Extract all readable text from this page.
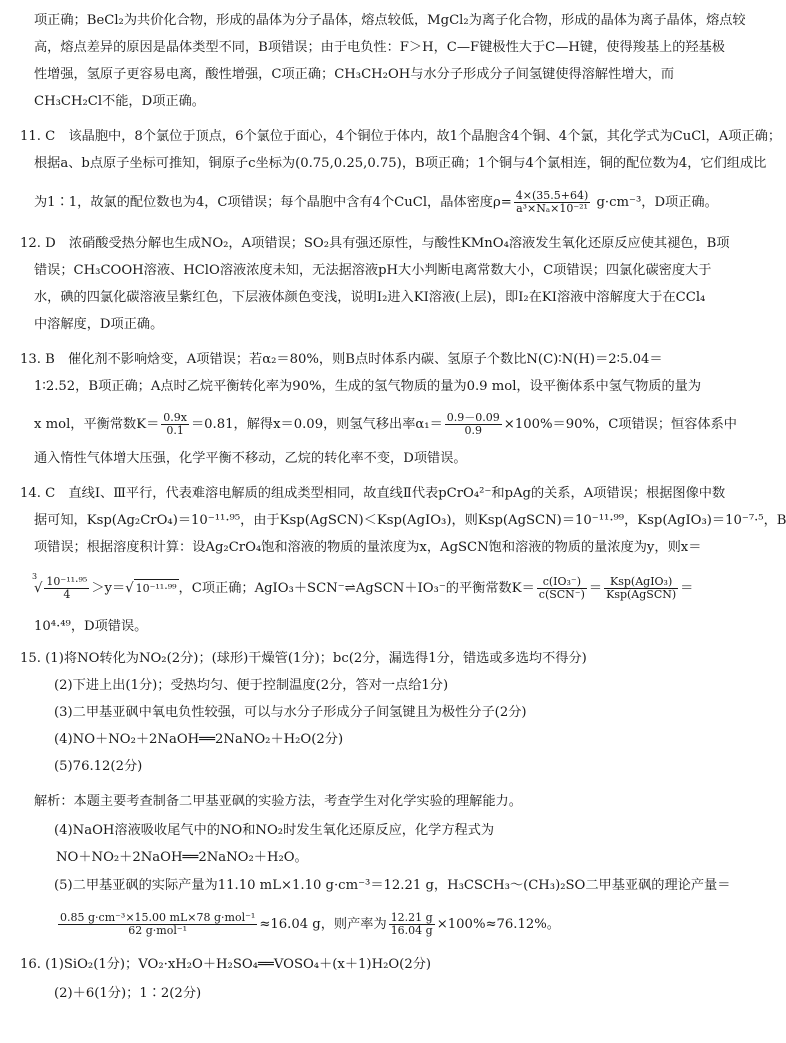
项正确；BeCl₂为共价化合物，形成的晶体为分子晶体，熔点较低，MgCl₂为离子化合物，形成的晶体为离子晶体，熔点较
高，熔点差异的原因是晶体类型不同，B项错误；由于电负性：F＞H，C—F键极性大于C—H键，使得羧基上的羟基极
性增强，氢原子更容易电离，酸性增强，C项正确；CH₃CH₂OH与水分子形成分子间氢键使得溶解性增大，而
CH₃CH₂Cl不能，D项正确。
11. C　该晶胞中，8个氯位于顶点，6个氯位于面心，4个铜位于体内，故1个晶胞含4个铜、4个氯，其化学式为CuCl，A项正确；
根据a、b点原子坐标可推知，铜原子c坐标为(0.75,0.25,0.75)，B项正确；1个铜与4个氯相连，铜的配位数为4，它们组成比
为1∶1，故氯的配位数也为4，C项错误；每个晶胞中含有4个CuCl，晶体密度$\rho= \frac{4\times(35.5+64)}{\text{a³×Nₐ×10⁻²¹}} g\cdot cm^{-3}$，D项正确。
12. D　浓硝酸受热分解也生成NO₂，A项错误；SO₂具有强还原性，与酸性KMnO₄溶液发生氧化还原反应使其褪色，B项
错误；CH₃COOH溶液、HClO溶液浓度未知，无法据溶液pH大小判断电离常数大小，C项错误；四氯化碳密度大于
水，碘的四氯化碳溶液呈紫红色，下层液体颜色变浅，说明I₂进入KI溶液(上层)，即I₂在KI溶液中溶解度大于在CCl₄
中溶解度，D项正确。
13. B　催化剂不影响焓变，A项错误；若α₂＝80%，则B点时体系内碳、氢原子个数比N(C)∶N(H)＝2∶5.04＝
1∶2.52，B项正确；A点时乙烷平衡转化率为90%，生成的氢气物质的量为0.9 mol，设平衡体系中氢气物质的量为
x mol，平衡常数$K= \frac{0.9x}{0.1} =0.81$，解得x＝0.09，则氢气移出率$\alpha_1= \frac{0.9-0.09}{0.9} \times 100\%=90\%$，C项错误；恒容体系中
通入惰性气体增大压强，化学平衡不移动，乙烷的转化率不变，D项错误。
14. C　直线Ⅰ、Ⅲ平行，代表难溶电解质的组成类型相同，故直线Ⅱ代表pCrO₄²⁻和pAg的关系，A项错误；根据图像中数
据可知，Ksp(Ag₂CrO₄)＝10⁻¹¹·⁹⁵，由于Ksp(AgSCN)＜Ksp(AgIO₃)，则Ksp(AgSCN)＝10⁻¹¹·⁹⁹，Ksp(AgIO₃)＝10⁻⁷·⁵，B
项错误；根据溶度积计算：设Ag₂CrO₄饱和溶液的物质的量浓度为x，AgSCN饱和溶液的物质的量浓度为y，则x＝
3
√ $\frac{\text{10⁻¹¹·⁹⁵}}{4} >y=√$ 10⁻¹¹·⁹⁹ ，C项正确；AgIO₃＋SCN⁻⇌AgSCN＋IO₃⁻的平衡常数$K= \frac{\text{c(IO₃⁻)}}{\text{c(SCN⁻)}} = \frac{\text{Ksp(AgIO₃)}}{\text{Ksp(AgSCN)}}$ ＝
10⁴·⁴⁹，D项错误。
15. (1)将NO转化为NO₂(2分)；(球形)干燥管(1分)；bc(2分，漏选得1分，错选或多选均不得分)
(2)下进上出(1分)；受热均匀、便于控制温度(2分，答对一点给1分)
(3)二甲基亚砜中氧电负性较强，可以与水分子形成分子间氢键且为极性分子(2分)
(4)NO＋NO₂＋2NaOH══2NaNO₂＋H₂O(2分)
(5)76.12(2分)
解析：本题主要考查制备二甲基亚砜的实验方法，考查学生对化学实验的理解能力。
(4)NaOH溶液吸收尾气中的NO和NO₂时发生氧化还原反应，化学方程式为
NO＋NO₂＋2NaOH══2NaNO₂＋H₂O。
(5)二甲基亚砜的实际产量为11.10 mL×1.10 g·cm⁻³＝12.21 g，H₃CSCH₃～(CH₃)₂SO二甲基亚砜的理论产量＝
$\frac{\text{0.85 g·cm⁻³×15.00 mL×78 g·mol⁻¹}}{\text{62 g·mol⁻¹}} \approx 16.04$ g，则产率为 $\frac{12.21 g}{16.04 g} \times 100\%\approx 76.12\%$。
16. (1)SiO₂(1分)；VO₂·xH₂O＋H₂SO₄══VOSO₄＋(x＋1)H₂O(2分)
(2)＋6(1分)；1∶2(2分)
